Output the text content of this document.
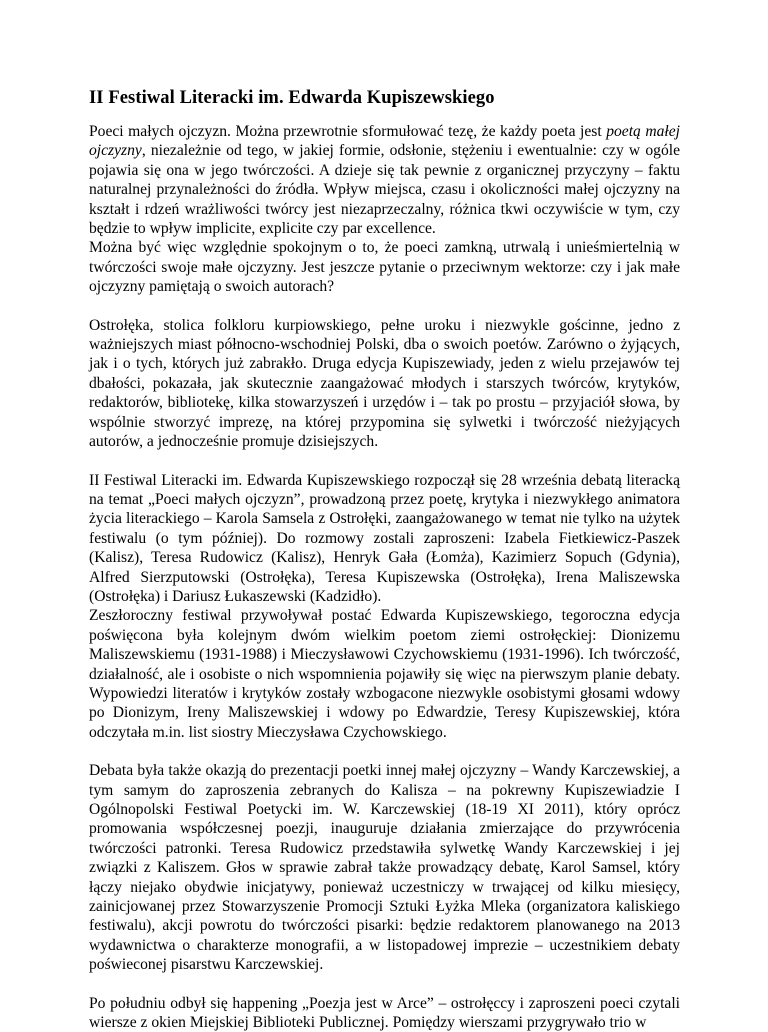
II Festiwal Literacki im. Edwarda Kupiszewskiego

Poeci małych ojczyzn. Można przewrotnie sformułować tezę, że każdy poeta jest poetą małej ojczyzny, niezależnie od tego, w jakiej formie, odsłonie, stężeniu i ewentualnie: czy w ogóle pojawia się ona w jego twórczości. A dzieje się tak pewnie z organicznej przyczyny – faktu naturalnej przynależności do źródła. Wpływ miejsca, czasu i okoliczności małej ojczyzny na kształt i rdzeń wrażliwości twórcy jest niezaprzeczalny, różnica tkwi oczywiście w tym, czy będzie to wpływ implicite, explicite czy par excellence.

Można być więc względnie spokojnym o to, że poeci zamkną, utrwalą i unieśmiertelnią w twórczości swoje małe ojczyzny. Jest jeszcze pytanie o przeciwnym wektorze: czy i jak małe ojczyzny pamiętają o swoich autorach?

Ostrołęka, stolica folkloru kurpiowskiego, pełne uroku i niezwykle gościnne, jedno z ważniejszych miast północno-wschodniej Polski, dba o swoich poetów. Zarówno o żyjących, jak i o tych, których już zabrakło. Druga edycja Kupiszewiady, jeden z wielu przejawów tej dbałości, pokazała, jak skutecznie zaangażować młodych i starszych twórców, krytyków, redaktorów, bibliotekę, kilka stowarzyszeń i urzędów i – tak po prostu – przyjaciół słowa, by wspólnie stworzyć imprezę, na której przypomina się sylwetki i twórczość nieżyjących autorów, a jednocześnie promuje dzisiejszych.

II Festiwal Literacki im. Edwarda Kupiszewskiego rozpoczął się 28 września debatą literacką na temat „Poeci małych ojczyzn”, prowadzoną przez poetę, krytyka i niezwykłego animatora życia literackiego – Karola Samsela z Ostrołęki, zaangażowanego w temat nie tylko na użytek festiwalu (o tym później). Do rozmowy zostali zaproszeni: Izabela Fietkiewicz-Paszek (Kalisz), Teresa Rudowicz (Kalisz), Henryk Gała (Łomża), Kazimierz Sopuch (Gdynia), Alfred Sierzputowski (Ostrołęka), Teresa Kupiszewska (Ostrołęka), Irena Maliszewska (Ostrołęka) i Dariusz Łukaszewski (Kadzidło).

Zeszłoroczny festiwal przywoływał postać Edwarda Kupiszewskiego, tegoroczna edycja poświęcona była kolejnym dwóm wielkim poetom ziemi ostrołęckiej: Dionizemu Maliszewskiemu (1931-1988) i Mieczysławowi Czychowskiemu (1931-1996). Ich twórczość, działalność, ale i osobiste o nich wspomnienia pojawiły się więc na pierwszym planie debaty. Wypowiedzi literatów i krytyków zostały wzbogacone niezwykle osobistymi głosami wdowy po Dionizym, Ireny Maliszewskiej i wdowy po Edwardzie, Teresy Kupiszewskiej, która odczytała m.in. list siostry Mieczysława Czychowskiego.

Debata była także okazją do prezentacji poetki innej małej ojczyzny – Wandy Karczewskiej, a tym samym do zaproszenia zebranych do Kalisza – na pokrewny Kupiszewiadzie I Ogólnopolski Festiwal Poetycki im. W. Karczewskiej (18-19 XI 2011), który oprócz promowania współczesnej poezji, inauguruje działania zmierzające do przywrócenia twórczości patronki. Teresa Rudowicz przedstawiła sylwetkę Wandy Karczewskiej i jej związki z Kaliszem. Głos w sprawie zabrał także prowadzący debatę, Karol Samsel, który łączy niejako obydwie inicjatywy, ponieważ uczestniczy w trwającej od kilku miesięcy, zainicjowanej przez Stowarzyszenie Promocji Sztuki Łyżka Mleka (organizatora kaliskiego festiwalu), akcji powrotu do twórczości pisarki: będzie redaktorem planowanego na 2013 wydawnictwa o charakterze monografii, a w listopadowej imprezie – uczestnikiem debaty poświeconej pisarstwu Karczewskiej.

Po południu odbył się happening „Poezja jest w Arce” – ostrołęccy i zaproszeni poeci czytali wiersze z okien Miejskiej Biblioteki Publicznej. Pomiędzy wierszami przygrywało trio w
